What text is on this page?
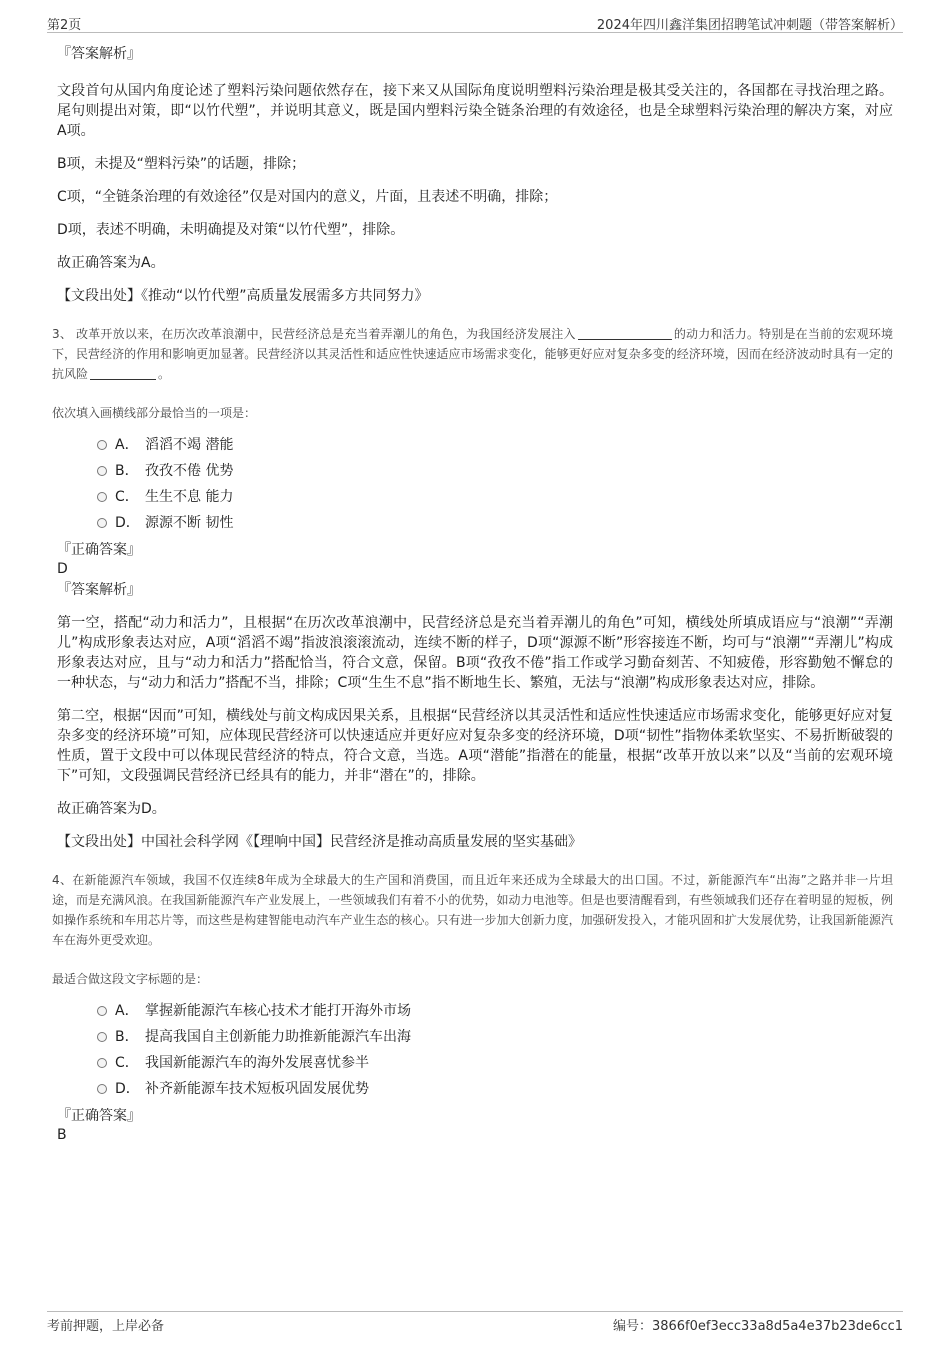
第2页	2024年四川鑫洋集团招聘笔试冲刺题（带答案解析）

『答案解析』

文段首句从国内角度论述了塑料污染问题依然存在，接下来又从国际角度说明塑料污染治理是极其受关注的，各国都在寻找治理之路。尾句则提出对策，即“以竹代塑”，并说明其意义，既是国内塑料污染全链条治理的有效途径，也是全球塑料污染治理的解决方案，对应A项。

B项，未提及“塑料污染”的话题，排除；

C项，“全链条治理的有效途径”仅是对国内的意义，片面，且表述不明确，排除；

D项，表述不明确，未明确提及对策“以竹代塑”，排除。

故正确答案为A。

【文段出处】《推动“以竹代塑”高质量发展需多方共同努力》

3、 改革开放以来，在历次改革浪潮中，民营经济总是充当着弄潮儿的角色，为我国经济发展注入	的动力和活力。特别是在当前的宏观环境下，民营经济的作用和影响更加显著。民营经济以其灵活性和适应性快速适应市场需求变化，能够更好应对复杂多变的经济环境，因而在经济波动时具有一定的抗风险	。

依次填入画横线部分最恰当的一项是：

A． 滔滔不竭 潜能
B． 孜孜不倦 优势
C． 生生不息 能力
D． 源源不断 韧性

『正确答案』

D

『答案解析』

第一空，搭配“动力和活力”，且根据“在历次改革浪潮中，民营经济总是充当着弄潮儿的角色”可知，横线处所填成语应与“浪潮”“弄潮儿”构成形象表达对应，A项“滔滔不竭”指波浪滚滚流动，连续不断的样子，D项“源源不断”形容接连不断，均可与“浪潮”“弄潮儿”构成形象表达对应，且与“动力和活力”搭配恰当，符合文意，保留。B项“孜孜不倦”指工作或学习勤奋刻苦、不知疲倦，形容勤勉不懈怠的一种状态，与“动力和活力”搭配不当，排除；C项“生生不息”指不断地生长、繁殖，无法与“浪潮”构成形象表达对应，排除。

第二空，根据“因而”可知，横线处与前文构成因果关系，且根据“民营经济以其灵活性和适应性快速适应市场需求变化，能够更好应对复杂多变的经济环境”可知，应体现民营经济可以快速适应并更好应对复杂多变的经济环境，D项“韧性”指物体柔软坚实、不易折断破裂的性质，置于文段中可以体现民营经济的特点，符合文意，当选。A项“潜能”指潜在的能量，根据“改革开放以来”以及“当前的宏观环境下”可知，文段强调民营经济已经具有的能力，并非“潜在”的，排除。

故正确答案为D。

【文段出处】中国社会科学网《【理响中国】民营经济是推动高质量发展的坚实基础》

4、在新能源汽车领域，我国不仅连续8年成为全球最大的生产国和消费国，而且近年来还成为全球最大的出口国。不过，新能源汽车“出海”之路并非一片坦途，而是充满风浪。在我国新能源汽车产业发展上，一些领域我们有着不小的优势，如动力电池等。但是也要清醒看到，有些领域我们还存在着明显的短板，例如操作系统和车用芯片等，而这些是构建智能电动汽车产业生态的核心。只有进一步加大创新力度，加强研发投入，才能巩固和扩大发展优势，让我国新能源汽车在海外更受欢迎。

最适合做这段文字标题的是：

A． 掌握新能源汽车核心技术才能打开海外市场
B． 提高我国自主创新能力助推新能源汽车出海
C． 我国新能源汽车的海外发展喜忧参半
D． 补齐新能源车技术短板巩固发展优势

『正确答案』

B

考前押题，上岸必备	编号：3866f0ef3ecc33a8d5a4e37b23de6cc1
